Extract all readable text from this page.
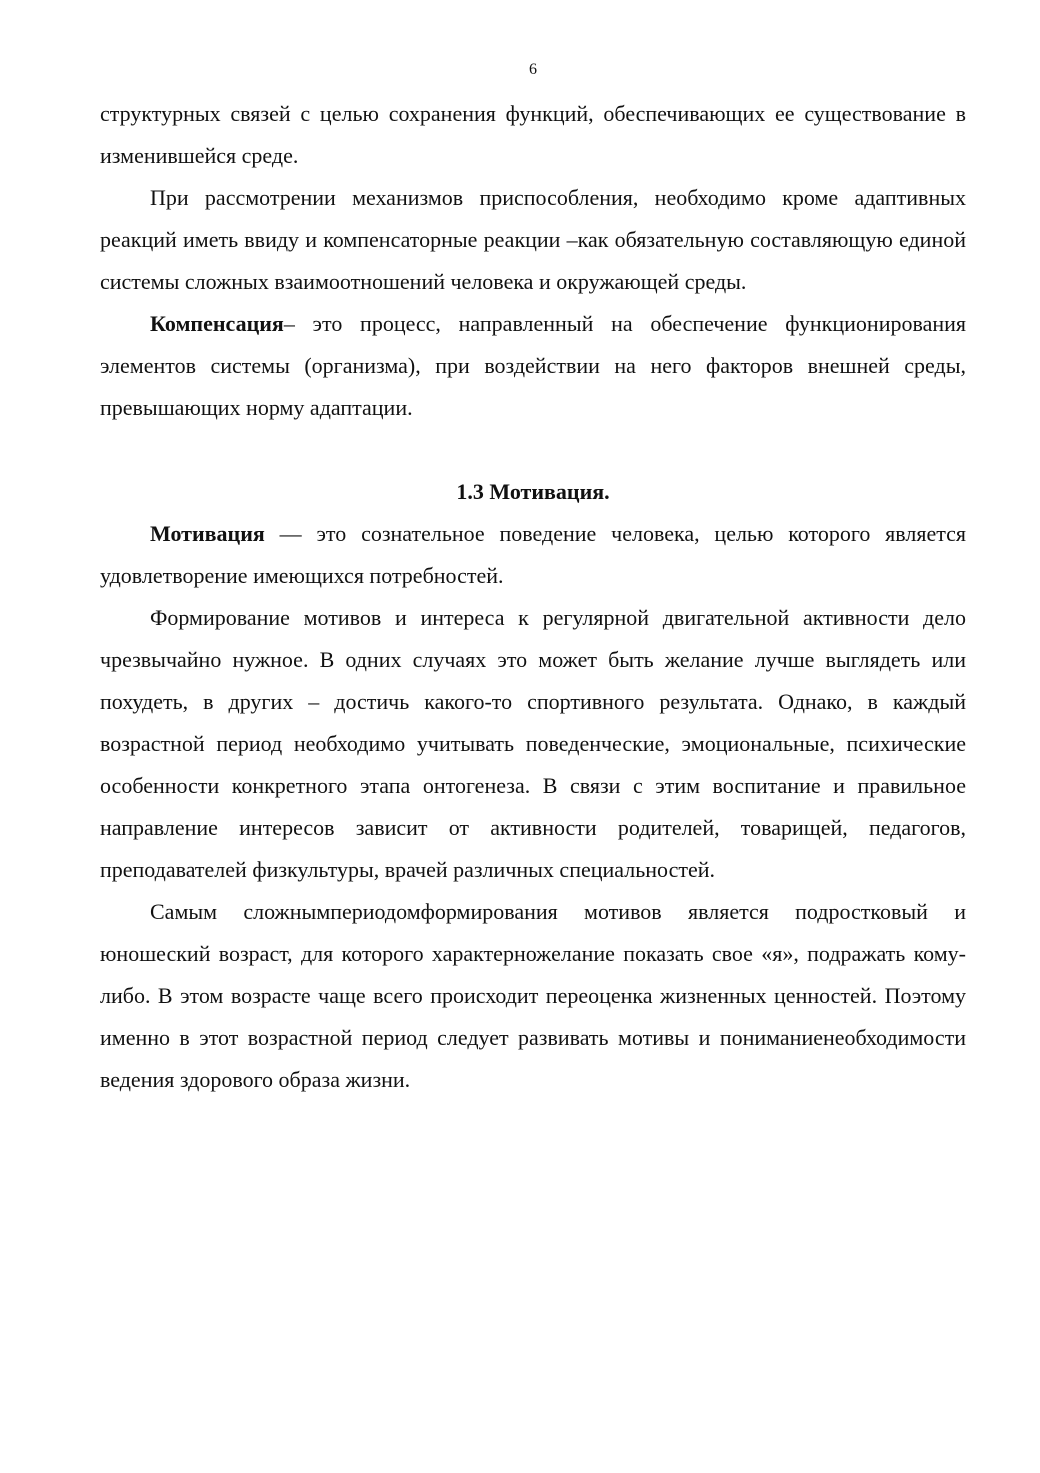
6

структурных связей с целью сохранения функций, обеспечивающих ее существование в изменившейся среде.

При рассмотрении механизмов приспособления, необходимо кроме адаптивных реакций иметь ввиду и компенсаторные реакции –как обязательную составляющую единой системы сложных взаимоотношений человека и окружающей среды.

Компенсация– это процесс, направленный на обеспечение функционирования элементов системы (организма), при воздействии на него факторов внешней среды, превышающих норму адаптации.

1.3 Мотивация.

Мотивация — это сознательное поведение человека, целью которого является удовлетворение имеющихся потребностей.

Формирование мотивов и интереса к регулярной двигательной активности дело чрезвычайно нужное. В одних случаях это может быть желание лучше выглядеть или похудеть, в других – достичь какого-то спортивного результата. Однако, в каждый возрастной период необходимо учитывать поведенческие, эмоциональные, психические особенности конкретного этапа онтогенеза. В связи с этим воспитание и правильное направление интересов зависит от активности родителей, товарищей, педагогов, преподавателей физкультуры, врачей различных специальностей.

Самым сложнымпериодомформирования мотивов является подростковый и юношеский возраст, для которого характерножелание показать свое «я», подражать кому-либо. В этом возрасте чаще всего происходит переоценка жизненных ценностей. Поэтому именно в этот возрастной период следует развивать мотивы и пониманиенеобходимости ведения здорового образа жизни.
